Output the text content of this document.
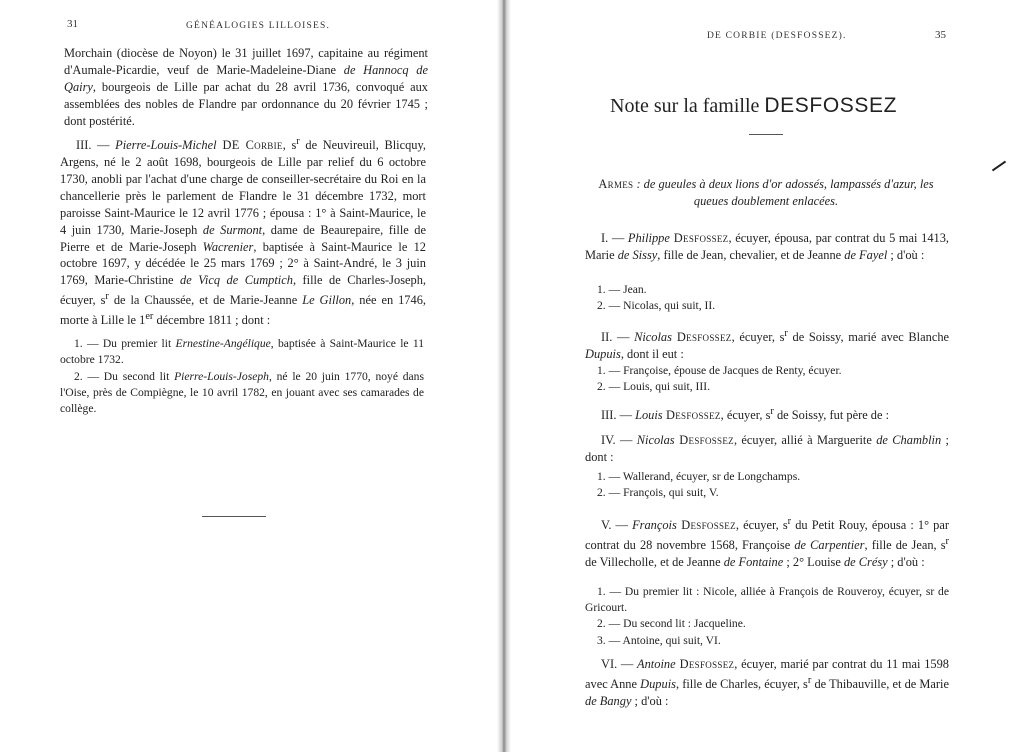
31	GÉNÉALOGIES LILLOISES.

Morchain (diocèse de Noyon) le 31 juillet 1697, capitaine au régiment d'Aumale-Picardie, veuf de Marie-Madeleine-Diane de Hannocq de Qairy, bourgeois de Lille par achat du 28 avril 1736, convoqué aux assemblées des nobles de Flandre par ordonnance du 20 février 1745 ; dont postérité.

III. — Pierre-Louis-Michel DE Corbie, $s^r$ de Neuvireuil, Blicquy, Argens, né le 2 août 1698, bourgeois de Lille par relief du 6 octobre 1730, anobli par l'achat d'une charge de conseiller-secrétaire du Roi en la chancellerie près le parlement de Flandre le 31 décembre 1732, mort paroisse Saint-Maurice le 12 avril 1776 ; épousa : 1° à Saint-Maurice, le 4 juin 1730, Marie-Joseph de Surmont, dame de Beaurepaire, fille de Pierre et de Marie-Joseph Wacrenier, baptisée à Saint-Maurice le 12 octobre 1697, y décédée le 25 mars 1769 ; 2° à Saint-André, le 3 juin 1769, Marie-Christine de Vicq de Cumptich, fille de Charles-Joseph, écuyer, $s^r$ de la Chaussée, et de Marie-Jeanne Le Gillon, née en 1746, morte à Lille le 1er décembre 1811 ; dont :

1. — Du premier lit Ernestine-Angélique, baptisée à Saint-Maurice le 11 octobre 1732.
2. — Du second lit Pierre-Louis-Joseph, né le 20 juin 1770, noyé dans l'Oise, près de Compiègne, le 10 avril 1782, en jouant avec ses camarades de collège.
DE CORBIE (DESFOSSEZ).	35
Note sur la famille DESFOSSEZ
Armes : de gueules à deux lions d'or adossés, lampassés d'azur, les queues doublement enlacées.
I. — Philippe Desfossez, écuyer, épousa, par contrat du 5 mai 1413, Marie de Sissy, fille de Jean, chevalier, et de Jeanne de Fayel ; d'où :
1. — Jean.
2. — Nicolas, qui suit, II.
II. — Nicolas Desfossez, écuyer, $s^r$ de Soissy, marié avec Blanche Dupuis, dont il eut :
1. — Françoise, épouse de Jacques de Renty, écuyer.
2. — Louis, qui suit, III.
III. — Louis Desfossez, écuyer, $s^r$ de Soissy, fut père de :
IV. — Nicolas Desfossez, écuyer, allié à Marguerite de Chamblin ; dont :
1. — Wallerand, écuyer, sr de Longchamps.
2. — François, qui suit, V.
V. — François Desfossez, écuyer, $s^r$ du Petit Rouy, épousa : 1° par contrat du 28 novembre 1568, Françoise de Carpentier, fille de Jean, $s^r$ de Villecholle, et de Jeanne de Fontaine ; 2° Louise de Crésy ; d'où :
1. — Du premier lit : Nicole, alliée à François de Rouveroy, écuyer, sr de Gricourt.
2. — Du second lit : Jacqueline.
3. — Antoine, qui suit, VI.
VI. — Antoine Desfossez, écuyer, marié par contrat du 11 mai 1598 avec Anne Dupuis, fille de Charles, écuyer, $s^r$ de Thibauville, et de Marie de Bangy ; d'où :
